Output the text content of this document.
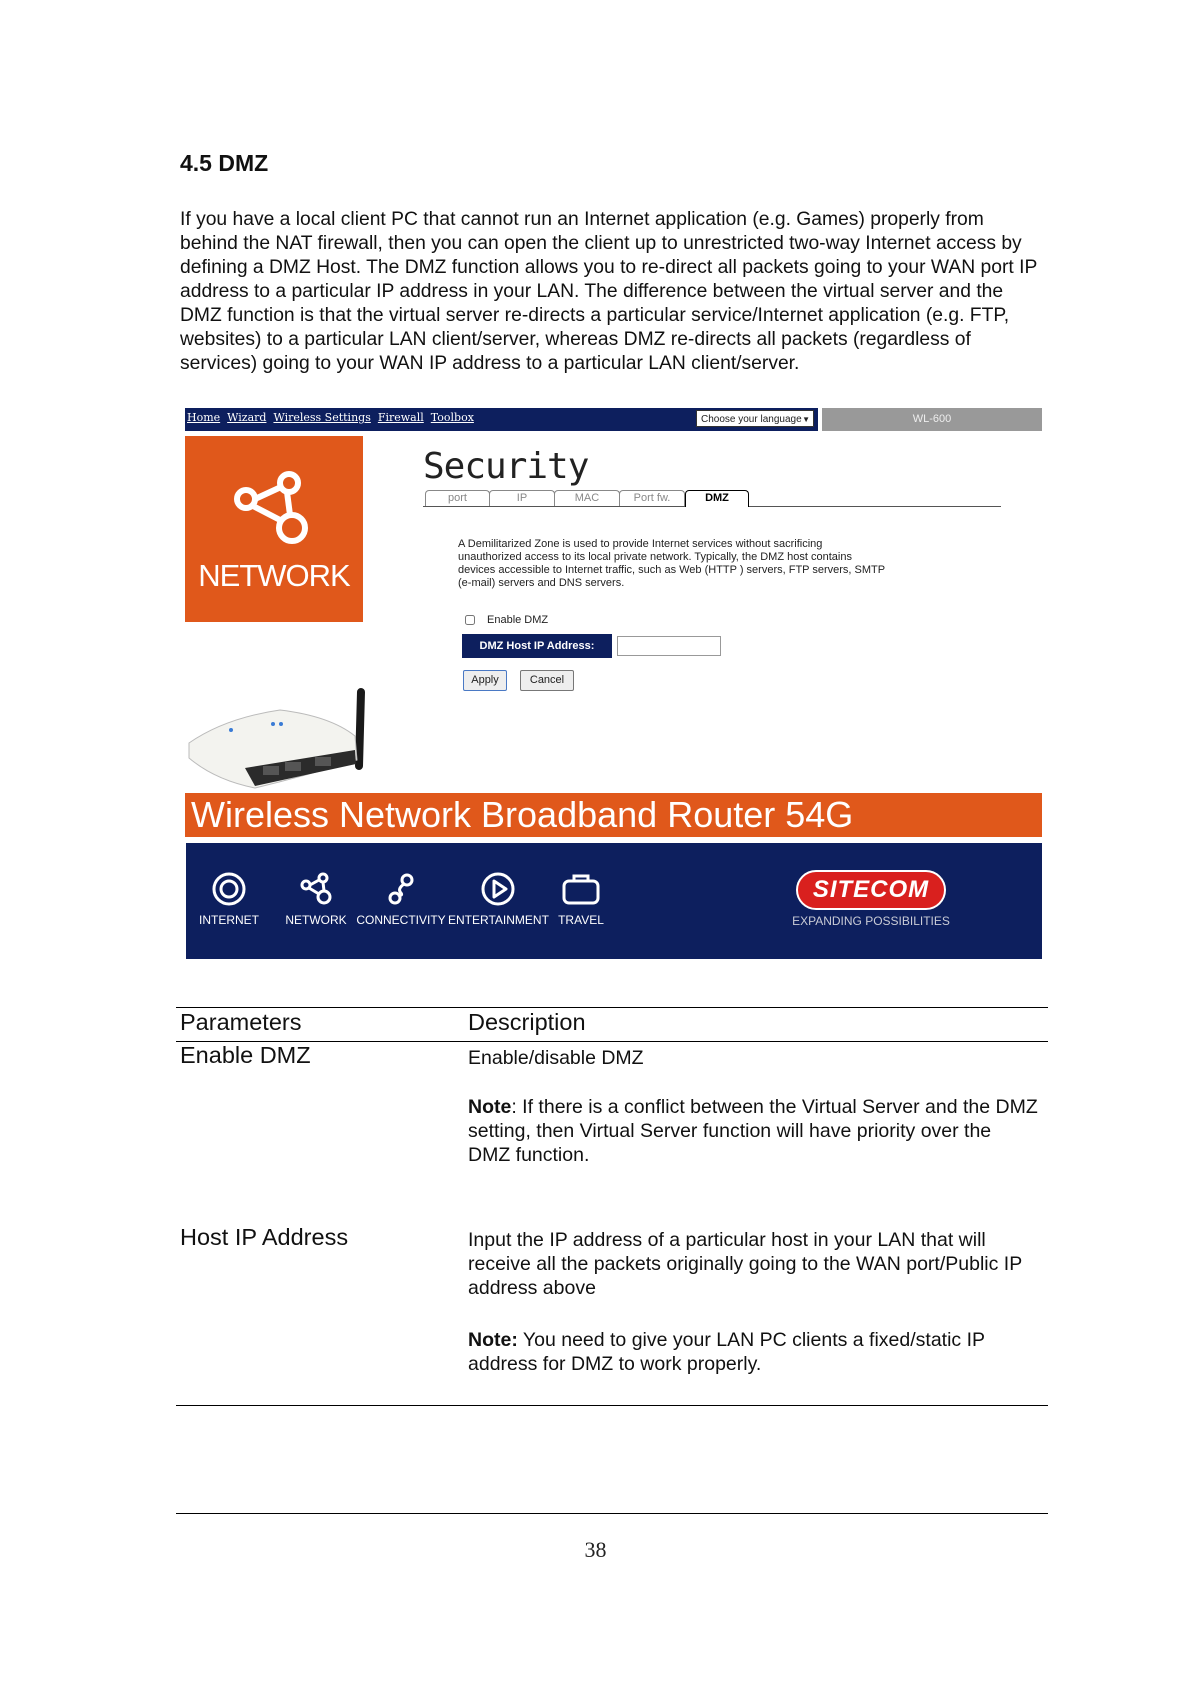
4.5 DMZ

If you have a local client PC that cannot run an Internet application (e.g. Games) properly from behind the NAT firewall, then you can open the client up to unrestricted two-way Internet access by defining a DMZ Host. The DMZ function allows you to re-direct all packets going to your WAN port IP address to a particular IP address in your LAN. The difference between the virtual server and the DMZ function is that the virtual server re-directs a particular service/Internet application (e.g. FTP, websites) to a particular LAN client/server, whereas DMZ re-directs all packets (regardless of services) going to your WAN IP address to a particular LAN client/server.

Home Wizard Wireless Settings Firewall Toolbox	Choose your language ▼	WL-600
NETWORK
Security
port	IP	MAC	Port fw.	DMZ

A Demilitarized Zone is used to provide Internet services without sacrificing unauthorized access to its local private network. Typically, the DMZ host contains devices accessible to Internet traffic, such as Web (HTTP ) servers, FTP servers, SMTP (e-mail) servers and DNS servers.

Enable DMZ
DMZ Host IP Address:
Apply	Cancel
Wireless Network Broadband Router 54G
INTERNET	NETWORK CONNECTIVITY ENTERTAINMENT TRAVEL
SITECOM
EXPANDING POSSIBILITIES
Parameters	Description
Enable DMZ	Enable/disable DMZ

Note: If there is a conflict between the Virtual Server and the DMZ setting, then Virtual Server function will have priority over the DMZ function.

Host IP Address	Input the IP address of a particular host in your LAN that will receive all the packets originally going to the WAN port/Public IP address above

Note: You need to give your LAN PC clients a fixed/static IP address for DMZ to work properly.

38
